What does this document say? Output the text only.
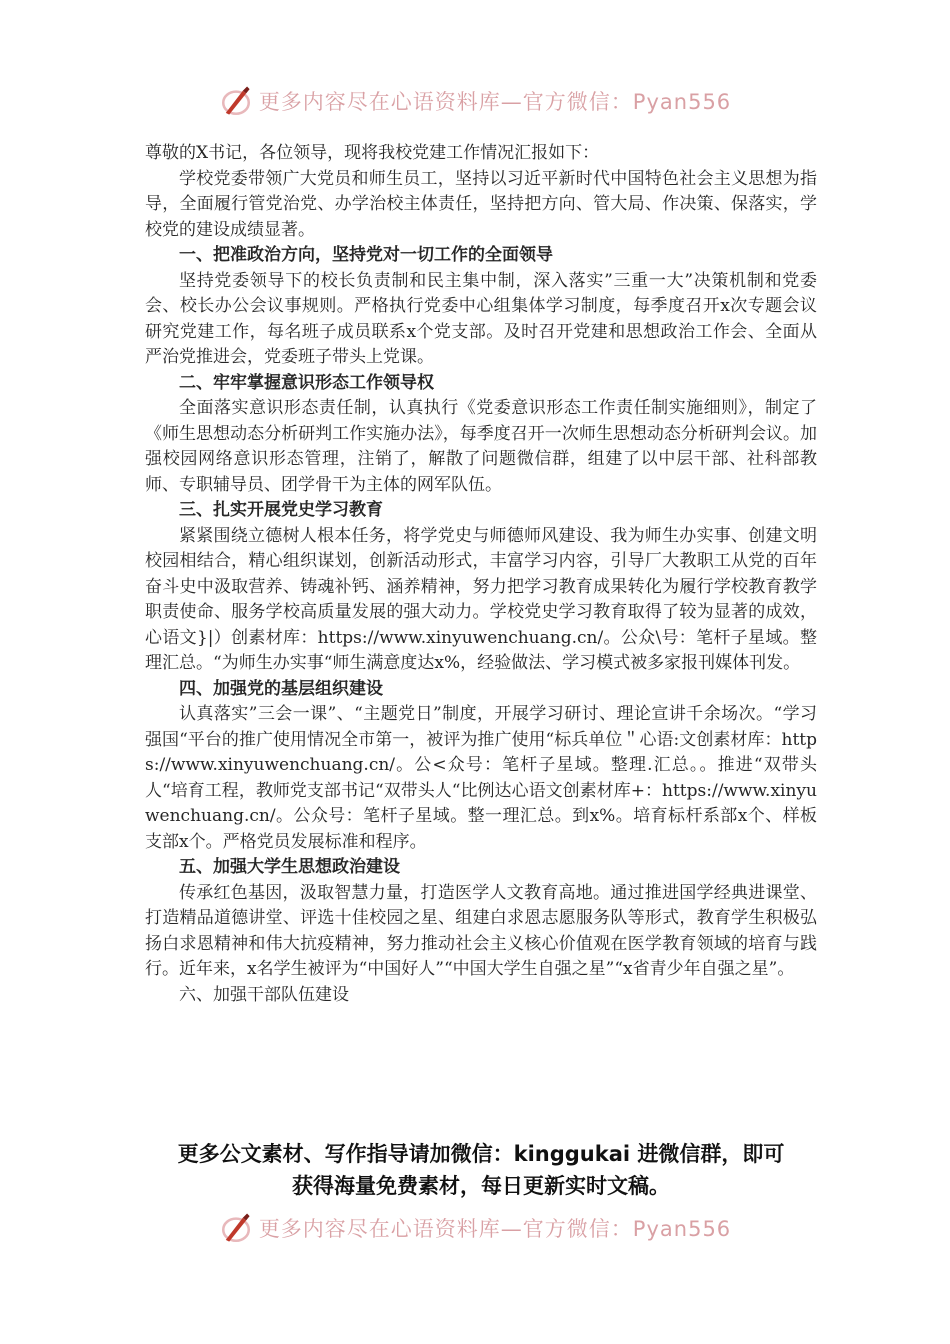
更多内容尽在心语资料库—官方微信：Pyan556

尊敬的X书记，各位领导，现将我校党建工作情况汇报如下：

学校党委带领广大党员和师生员工，坚持以习近平新时代中国特色社会主义思想为指导，全面履行管党治党、办学治校主体责任，坚持把方向、管大局、作决策、保落实，学校党的建设成绩显著。

一、把准政治方向，坚持党对一切工作的全面领导

坚持党委领导下的校长负责制和民主集中制，深入落实”三重一大”决策机制和党委会、校长办公会议事规则。严格执行党委中心组集体学习制度，每季度召开x次专题会议研究党建工作，每名班子成员联系x个党支部。及时召开党建和思想政治工作会、全面从严治党推进会，党委班子带头上党课。

二、牢牢掌握意识形态工作领导权

全面落实意识形态责任制，认真执行《党委意识形态工作责任制实施细则》，制定了《师生思想动态分析研判工作实施办法》，每季度召开一次师生思想动态分析研判会议。加强校园网络意识形态管理，注销了，解散了问题微信群，组建了以中层干部、社科部教师、专职辅导员、团学骨干为主体的网军队伍。

三、扎实开展党史学习教育

紧紧围绕立德树人根本任务，将学党史与师德师风建设、我为师生办实事、创建文明校园相结合，精心组织谋划，创新活动形式，丰富学习内容，引导厂大教职工从党的百年奋斗史中汲取营养、铸魂补钙、涵养精神，努力把学习教育成果转化为履行学校教育教学职责使命、服务学校高质量发展的强大动力。学校党史学习教育取得了较为显著的成效，心语文}|）创素材库：https://www.xinyuwenchuang.cn/。公众\号：笔杆子星域。整理汇总。“为师生办实事“师生满意度达x%，经验做法、学习模式被多家报刊媒体刊发。

四、加强党的基层组织建设

认真落实”三会一课”、“主题党日”制度，开展学习研讨、理论宣讲千余场次。“学习强国“平台的推广使用情况全市第一，被评为推广使用“标兵单位＂心语:文创素材库：https://www.xinyuwenchuang.cn/。公<众号：笔杆子星域。整理.汇总。。推进“双带头人“培育工程，教师党支部书记“双带头人“比例达心语文创素材库+：https://www.xinyuwenchuang.cn/。公众号：笔杆子星域。整一理汇总。到x%。培育标杆系部x个、样板支部x个。严格党员发展标准和程序。

五、加强大学生思想政治建设

传承红色基因，汲取智慧力量，打造医学人文教育高地。通过推进国学经典进课堂、打造精品道德讲堂、评选十佳校园之星、组建白求恩志愿服务队等形式，教育学生积极弘扬白求恩精神和伟大抗疫精神，努力推动社会主义核心价值观在医学教育领域的培育与践行。近年来，x名学生被评为“中国好人”“中国大学生自强之星”“x省青少年自强之星”。

六、加强干部队伍建设

更多公文素材、写作指导请加微信：kinggukai 进微信群，即可
获得海量免费素材，每日更新实时文稿。
更多内容尽在心语资料库—官方微信：Pyan556
